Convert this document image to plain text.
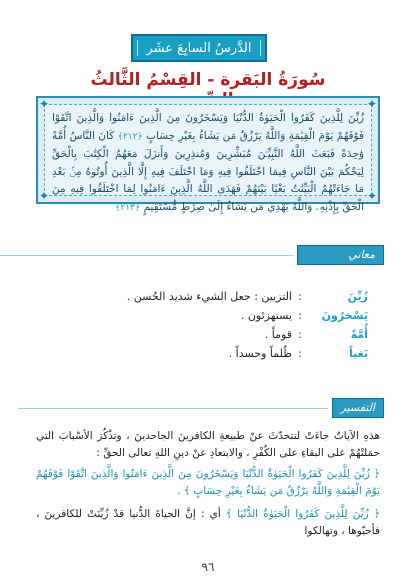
الدَّرسُ السابِعَ عشَر
سُورَةُ البَقرة - القِسْمُ الثَّالثُ
✦	✦
✦	✦
زُيِّنَ لِلَّذِينَ كَفَرُوا الْحَيَوٰةُ الدُّنْيَا وَيَسْخَرُونَ مِنَ الَّذِينَ ءَامَنُوا وَالَّذِينَ اتَّقَوْا فَوْقَهُمْ يَوْمَ الْقِيَٰمَةِ وَاللَّهُ يَرْزُقُ مَن يَشَاءُ بِغَيْرِ حِسَابٍ ﴿٢١٢﴾ كَانَ النَّاسُ أُمَّةً وَٰحِدَةً فَبَعَثَ اللَّهُ النَّبِيِّـۧنَ مُبَشِّرِينَ وَمُنذِرِينَ وَأَنزَلَ مَعَهُمُ الْكِتَٰبَ بِالْحَقِّ لِيَحْكُمَ بَيْنَ النَّاسِ فِيمَا اخْتَلَفُوا فِيهِ وَمَا اخْتَلَفَ فِيهِ إِلَّا الَّذِينَ أُوتُوهُ مِنۢ بَعْدِ مَا جَاءَتْهُمُ الْبَيِّنَٰتُ بَغْيًا بَيْنَهُمْ فَهَدَى اللَّهُ الَّذِينَ ءَامَنُوا لِمَا اخْتَلَفُوا فِيهِ مِنَ الْحَقِّ بِإِذْنِهِۦ وَاللَّهُ يَهْدِي مَن يَشَاءُ إِلَىٰ صِرَٰطٍ مُّسْتَقِيمٍ ﴿٢١٣﴾
معاني المفردات
زُيِّنَ
:
التزيين : جعل الشيء شديد الحُسن .
يَسْخرُونَ
:
يستهزئون .
أُمَّةً
:
قوماً .
بَغياً
:
ظُلماً وحسداً .
التفسير
هذهِ الآياتُ جاءَتْ لتتحدّثَ عنْ طبيعةِ الكافرينَ الجاحدينَ ، وتذْكُرَ الأسْبابَ التي حمَلتْهُمْ على البقاءِ على الكُفْرِ ، والابتعادِ عنْ دينِ اللهِ تعالى الحقِّ :
﴿ زُيِّنَ لِلَّذِينَ كَفَرُوا الْحَيَوٰةُ الدُّنْيَا وَيَسْخَرُونَ مِنَ الَّذِينَ ءَامَنُوا وَالَّذِينَ اتَّقَوْا فَوْقَهُمْ يَوْمَ الْقِيَٰمَةِ وَاللَّهُ يَرْزُقُ مَن يَشَاءُ بِغَيْرِ حِسَابٍ ﴾ .
﴿ زُيِّنَ لِلَّذِينَ كَفَرُوا الْحَيَوٰةُ الدُّنْيَا ﴾ أي : إنَّ الحياةَ الدُّنيا قدْ زُيِّنَتْ للكافرينَ ، فأحبّوها ، وتهالكوا
٩٦
